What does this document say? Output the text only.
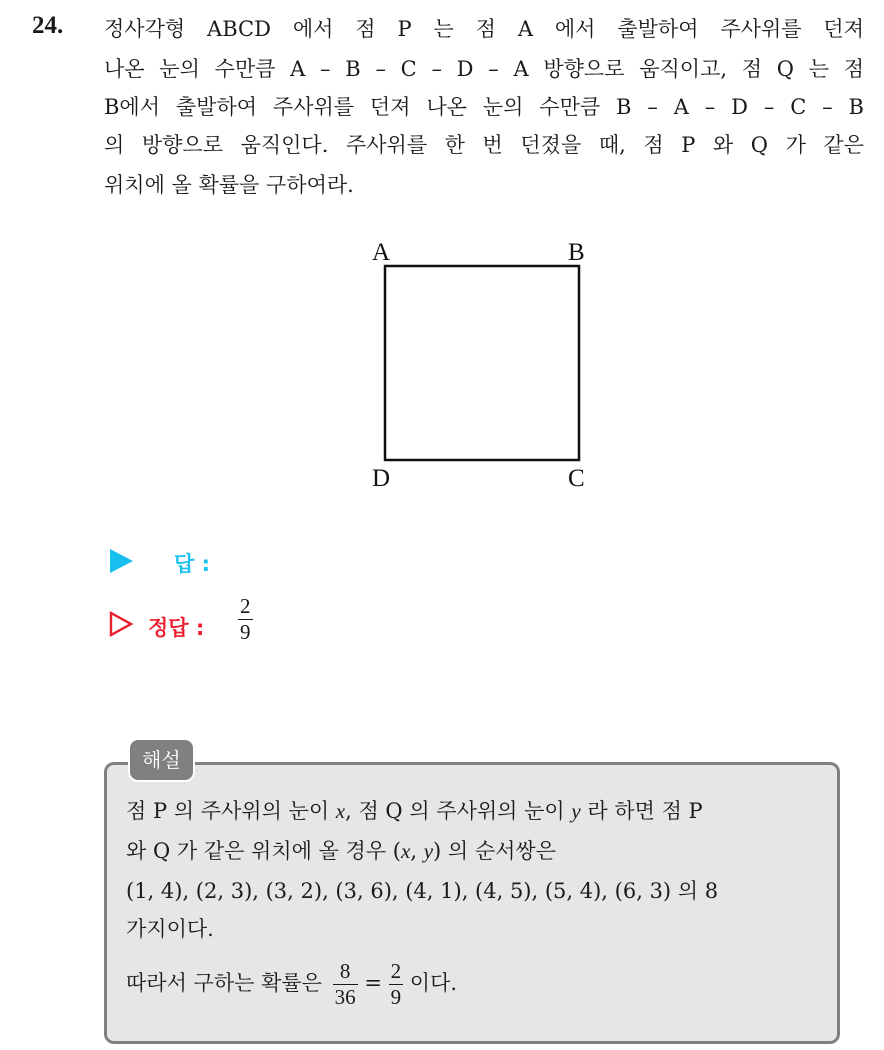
24. 정사각형 ABCD 에서 점 P 는 점 A 에서 출발하여 주사위를 던져
나온 눈의 수만큼 A – B – C – D – A 방향으로 움직이고, 점 Q 는 점
B에서 출발하여 주사위를 던져 나온 눈의 수만큼 B – A – D – C – B
의 방향으로 움직인다. 주사위를 한 번 던졌을 때, 점 P 와 Q 가 같은
위치에 올 확률을 구하여라.
A	B
D	C
답 :
정답 :
2
9
해설
점 P 의 주사위의 눈이 x, 점 Q 의 주사위의 눈이 y 라 하면 점 P
와 Q 가 같은 위치에 올 경우 (x, y) 의 순서쌍은
(1, 4), (2, 3), (3, 2), (3, 6), (4, 1), (4, 5), (5, 4), (6, 3) 의 8
가지이다.
따라서 구하는 확률은 $\frac{8}{36} = \frac{2}{9}$ 이다.
